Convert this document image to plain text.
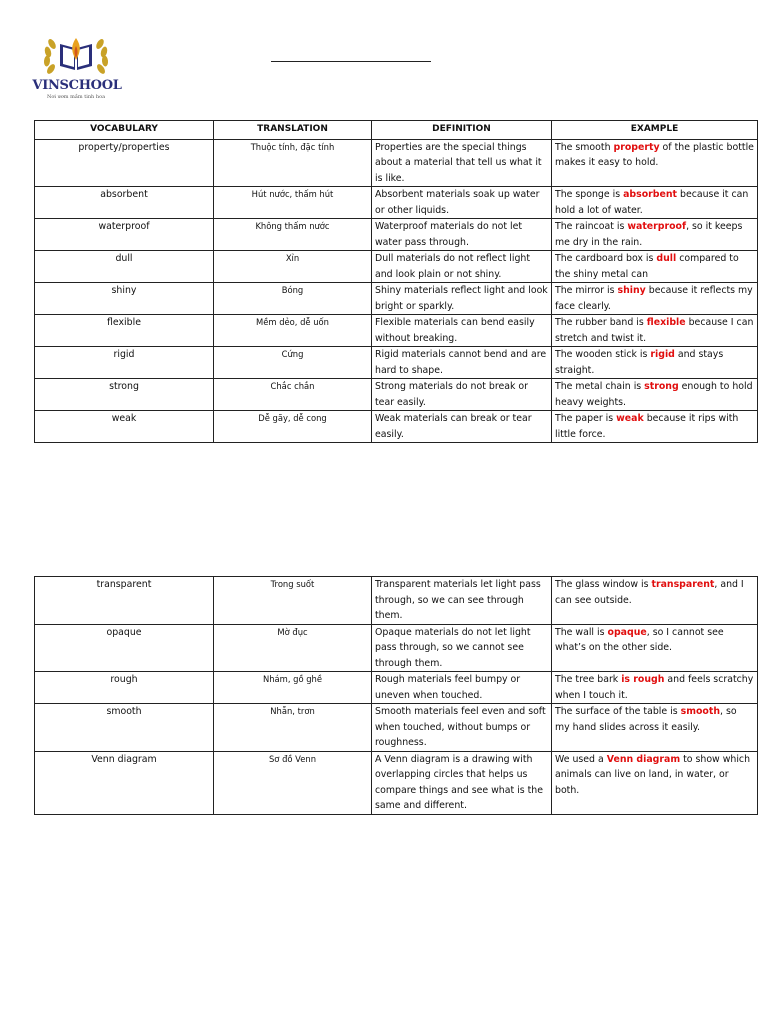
VINSCHOOL
Nơi ươm mầm tinh hoa
VOCABULARY	TRANSLATION	DEFINITION	EXAMPLE
property/properties	Thuộc tính, đặc tính	Properties are the special things about a material that tell us what it is like.	The smooth property of the plastic bottle makes it easy to hold.
absorbent	Hút nước, thấm hút	Absorbent materials soak up water or other liquids.	The sponge is absorbent because it can hold a lot of water.
waterproof	Không thấm nước	Waterproof materials do not let water pass through.	The raincoat is waterproof, so it keeps me dry in the rain.
dull	Xỉn	Dull materials do not reflect light and look plain or not shiny.	The cardboard box is dull compared to the shiny metal can
shiny	Bóng	Shiny materials reflect light and look bright or sparkly.	The mirror is shiny because it reflects my face clearly.
flexible	Mềm dẻo, dễ uốn	Flexible materials can bend easily without breaking.	The rubber band is flexible because I can stretch and twist it.
rigid	Cứng	Rigid materials cannot bend and are hard to shape.	The wooden stick is rigid and stays straight.
strong	Chắc chắn	Strong materials do not break or tear easily.	The metal chain is strong enough to hold heavy weights.
weak	Dễ gãy, dễ cong	Weak materials can break or tear easily.	The paper is weak because it rips with little force.
transparent	Trong suốt	Transparent materials let light pass through, so we can see through them.	The glass window is transparent, and I can see outside.
opaque	Mờ đục	Opaque materials do not let light pass through, so we cannot see through them.	The wall is opaque, so I cannot see what’s on the other side.
rough	Nhám, gồ ghề	Rough materials feel bumpy or uneven when touched.	The tree bark is rough and feels scratchy when I touch it.
smooth	Nhẵn, trơn	Smooth materials feel even and soft when touched, without bumps or roughness.	The surface of the table is smooth, so my hand slides across it easily.
Venn diagram	Sơ đồ Venn	A Venn diagram is a drawing with overlapping circles that helps us compare things and see what is the same and different.	We used a Venn diagram to show which animals can live on land, in water, or both.
